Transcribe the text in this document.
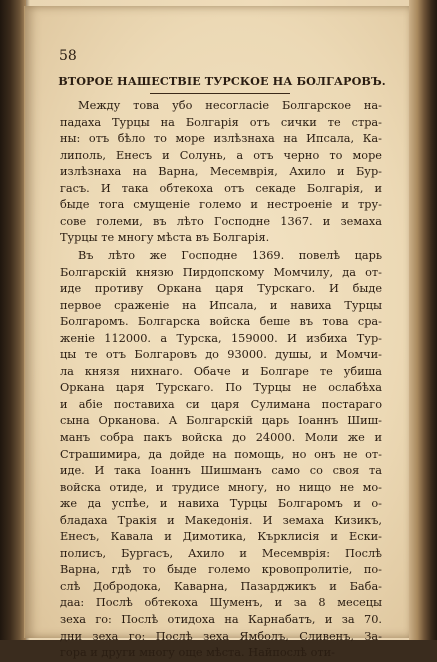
58
ВТОРОЕ НАШЕСТВІЕ ТУРСКОЕ НА БОЛГАРОВЪ.
Между това убо несогласіе Болгарское на-
падаха Турцы на Болгарія отъ сички те стра-
ны: отъ бѣло то море излѣзнаха на Ипсала, Ка-
липоль, Енесъ и Солунь, а отъ черно то море
излѣзнаха на Варна, Месемврія, Ахило и Бур-
гасъ. И така обтекоха отъ секаде Болгарія, и
быде тога смущеніе големо и нестроеніе и тру-
сове големи, въ лѣто Господне 1367. и земаха
Турцы те многу мѣста въ Болгарія.
Въ лѣто же Господне 1369. повелѣ царь
Болгарскій князю Пирдопскому Момчилу, да от-
иде противу Оркана царя Турскаго. И быде
первое сраженіе на Ипсала, и навиха Турцы
Болгаромъ. Болгарска войска беше въ това сра-
женіе 112000. а Турска, 159000. И избиха Тур-
цы те отъ Болгаровъ до 93000. душы, и Момчи-
ла князя нихнаго. Обаче и Болгаре те убиша
Оркана царя Турскаго. По Турцы не ослабѣха
и абіе поставиха си царя Сулимана постараго
сына Оркановa. А Болгарскій царь Іоаннъ Шиш-
манъ собра пакъ войска до 24000. Моли же и
Страшимира, да дойде на помощь, но онъ не от-
иде. И така Іоаннъ Шишманъ само со своя та
войска отиде, и трудисе многу, но нищо не мо-
же да успѣе, и навиха Турцы Болгаромъ и о-
бладаха Тракія и Македонія. И земаха Кизикъ,
Енесъ, Кавала и Димотика, Кърклисія и Ески-
полисъ, Бургасъ, Ахило и Месемврія: Послѣ
Варна, гдѣ то быде големо кровопролитіе, по-
слѣ Добродока, Каварна, Пазарджикъ и Баба-
даа: Послѣ обтекоха Шуменъ, и за 8 месецы
зеха го: Послѣ отидоха на Карнабатъ, и за 70.
дни зеха го: Послѣ зеха Ямболъ, Сливенъ, За-
гора и други многу още мѣста. Найпослѣ оти-
